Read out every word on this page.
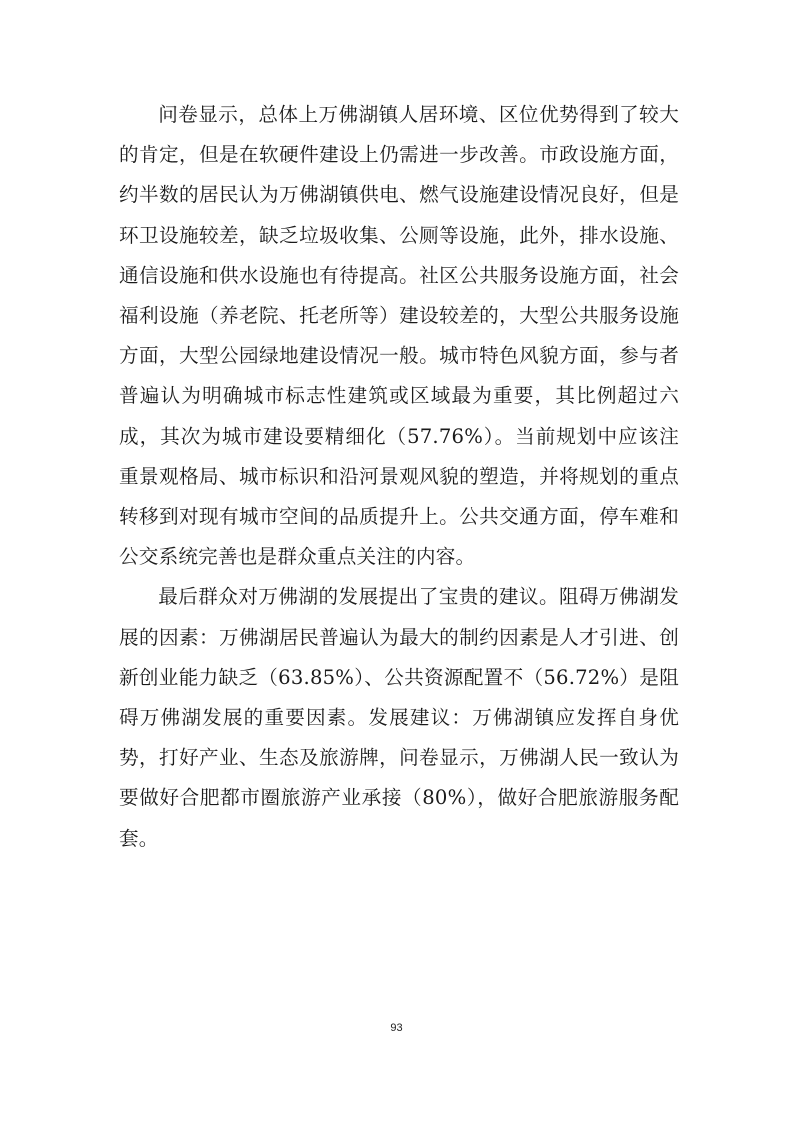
问卷显示，总体上万佛湖镇人居环境、区位优势得到了较大的肯定，但是在软硬件建设上仍需进一步改善。市政设施方面，约半数的居民认为万佛湖镇供电、燃气设施建设情况良好，但是环卫设施较差，缺乏垃圾收集、公厕等设施，此外，排水设施、通信设施和供水设施也有待提高。社区公共服务设施方面，社会福利设施（养老院、托老所等）建设较差的，大型公共服务设施方面，大型公园绿地建设情况一般。城市特色风貌方面，参与者普遍认为明确城市标志性建筑或区域最为重要，其比例超过六成，其次为城市建设要精细化（57.76%）。当前规划中应该注重景观格局、城市标识和沿河景观风貌的塑造，并将规划的重点转移到对现有城市空间的品质提升上。公共交通方面，停车难和公交系统完善也是群众重点关注的内容。

最后群众对万佛湖的发展提出了宝贵的建议。阻碍万佛湖发展的因素：万佛湖居民普遍认为最大的制约因素是人才引进、创新创业能力缺乏（63.85%）、公共资源配置不（56.72%）是阻碍万佛湖发展的重要因素。发展建议：万佛湖镇应发挥自身优势，打好产业、生态及旅游牌，问卷显示，万佛湖人民一致认为要做好合肥都市圈旅游产业承接（80%），做好合肥旅游服务配套。

93
